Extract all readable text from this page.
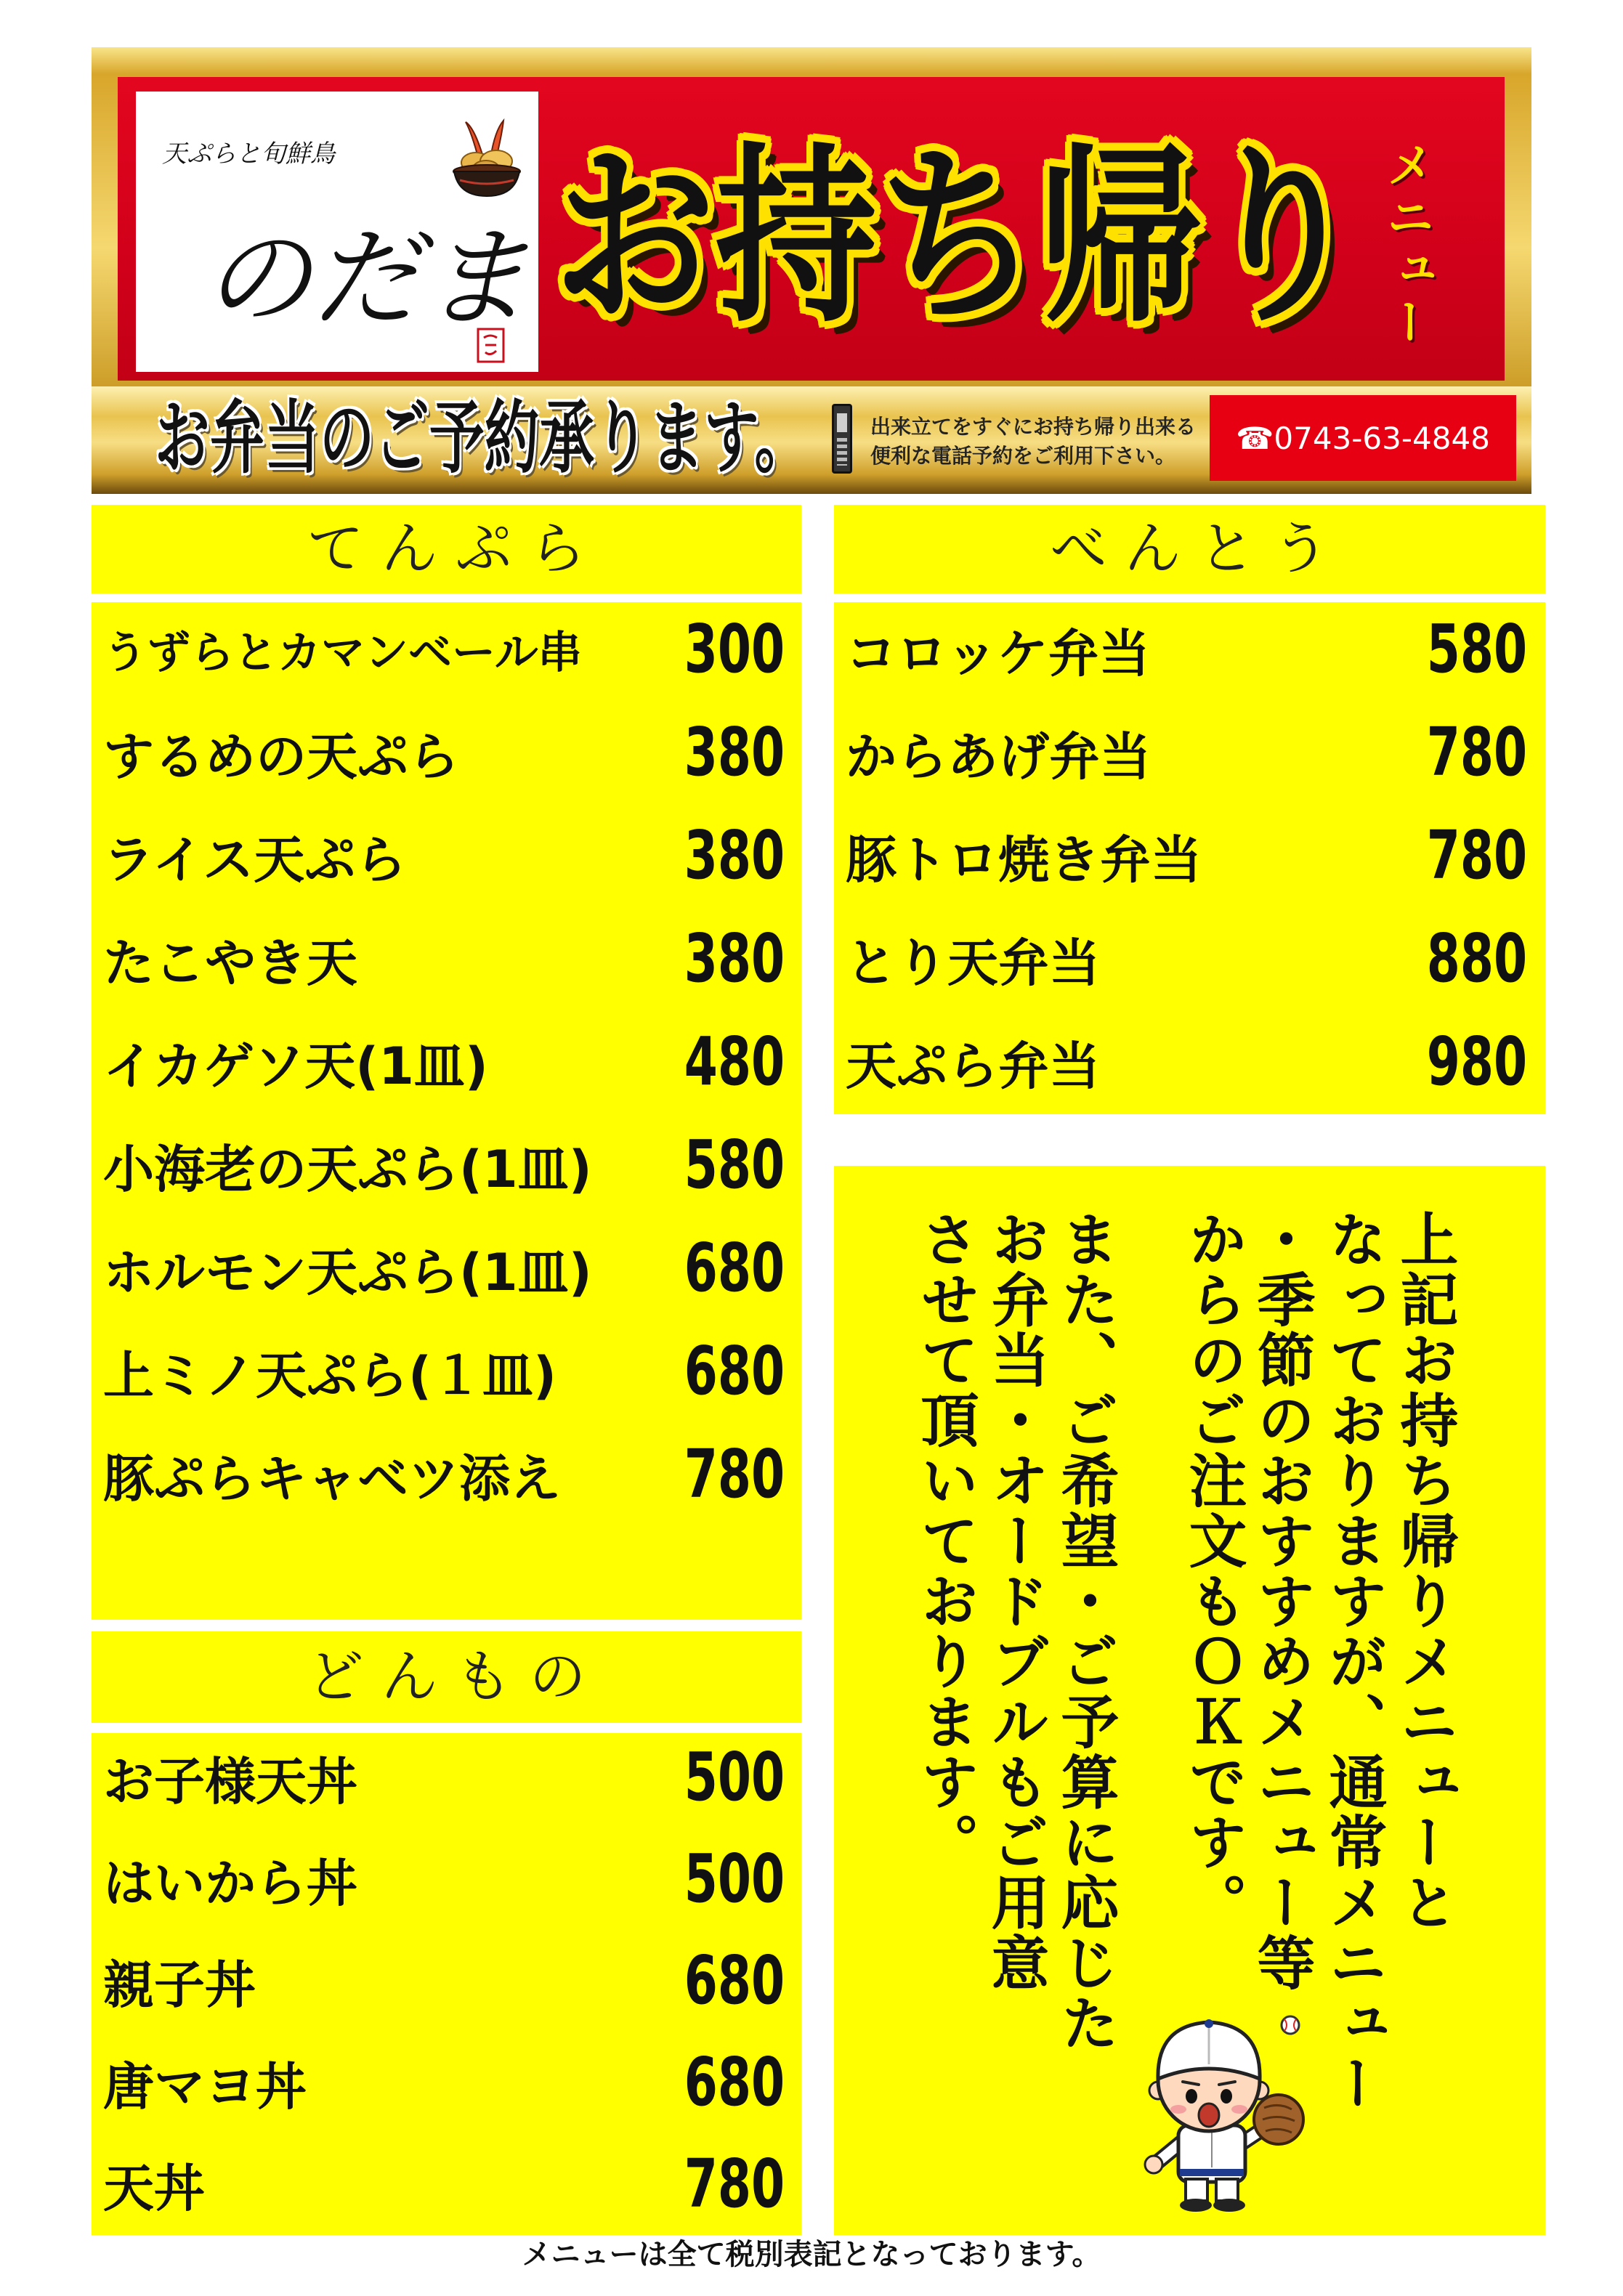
天ぷらと旬鮮鳥
のだま お持ち帰り メニュー
お弁当のご予約承ります。	出来立てをすぐにお持ち帰り出来る
便利な電話予約をご利用下さい。	☎0743-63-4848
てんぷら
うずらとカマンベール串 300
するめの天ぷら	380
ライス天ぷら	380
たこやき天	380
イカゲソ天(1皿)	480
小海老の天ぷら(1皿) 580
ホルモン天ぷら(1皿) 680
上ミノ天ぷら(１皿) 680
豚ぷらキャベツ添え 780
どんもの
お子様天丼	500
はいから丼	500
親子丼	680
唐マヨ丼	680
天丼	780
べんとう
コロッケ弁当	580
からあげ弁当	780
豚トロ焼き弁当	780
とり天弁当	880
天ぷら弁当	980
上記お持ち帰りメニューと
なっておりますが、通常メニュー
・季節のおすすめメニュー等
からのご注文もＯＫです。
また、ご希望・ご予算に応じた
お弁当・オードブルもご用意
させて頂いております。
メニューは全て税別表記となっております。
